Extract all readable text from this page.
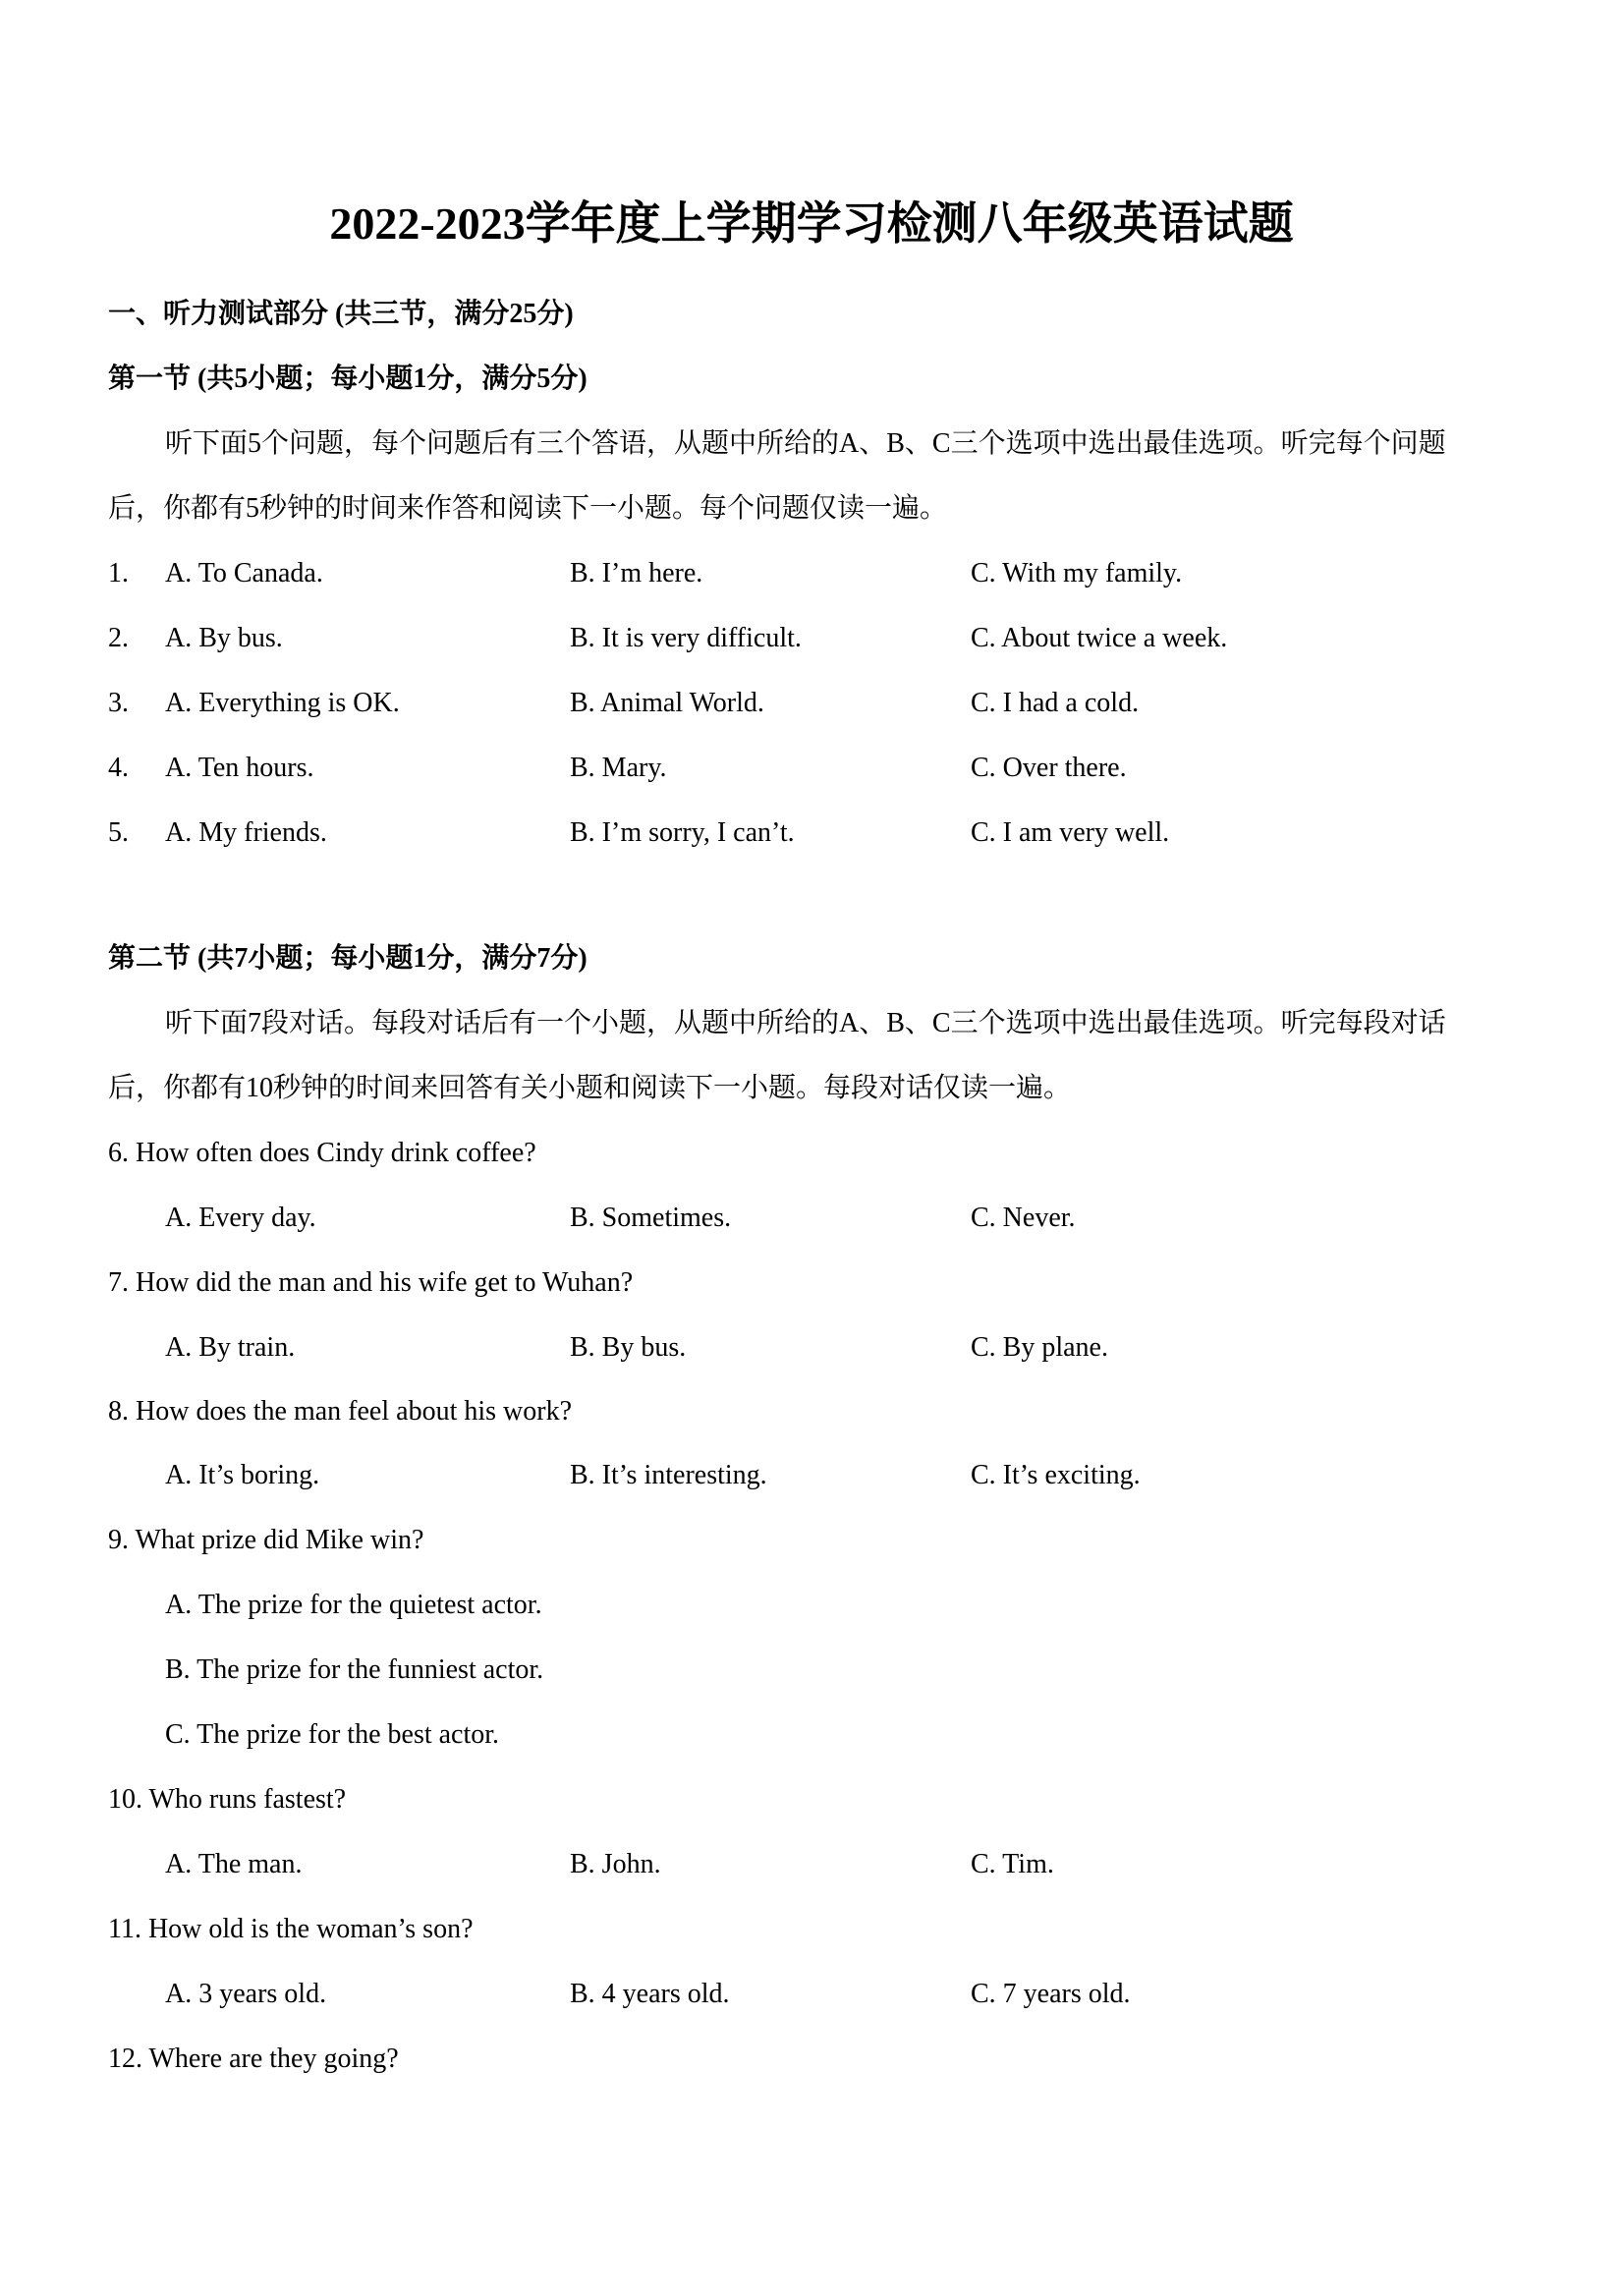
2022-2023学年度上学期学习检测八年级英语试题
一、听力测试部分 (共三节，满分25分)
第一节 (共5小题；每小题1分，满分5分)
听下面5个问题，每个问题后有三个答语，从题中所给的A、B、C三个选项中选出最佳选项。听完每个问题
后，你都有5秒钟的时间来作答和阅读下一小题。每个问题仅读一遍。
1. A. To Canada.	B. I’m here.	C. With my family.
2. A. By bus.	B. It is very difficult.	C. About twice a week.
3. A. Everything is OK.	B. Animal World.	C. I had a cold.
4. A. Ten hours.	B. Mary.	C. Over there.
5. A. My friends.	B. I’m sorry, I can’t.	C. I am very well.
第二节 (共7小题；每小题1分，满分7分)
听下面7段对话。每段对话后有一个小题，从题中所给的A、B、C三个选项中选出最佳选项。听完每段对话
后，你都有10秒钟的时间来回答有关小题和阅读下一小题。每段对话仅读一遍。
6. How often does Cindy drink coffee?
A. Every day.	B. Sometimes.	C. Never.
7. How did the man and his wife get to Wuhan?
A. By train.	B. By bus.	C. By plane.
8. How does the man feel about his work?
A. It’s boring.	B. It’s interesting.	C. It’s exciting.
9. What prize did Mike win?
A. The prize for the quietest actor.
B. The prize for the funniest actor.
C. The prize for the best actor.
10. Who runs fastest?
A. The man.	B. John.	C. Tim.
11. How old is the woman’s son?
A. 3 years old.	B. 4 years old.	C. 7 years old.
12. Where are they going?
